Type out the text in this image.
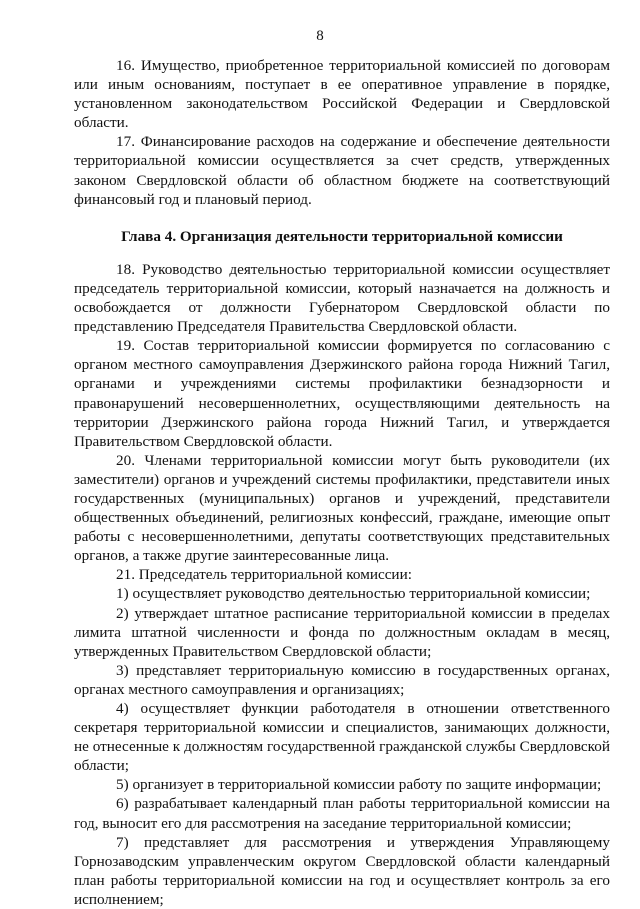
8

16. Имущество, приобретенное территориальной комиссией по договорам или иным основаниям, поступает в ее оперативное управление в порядке, установленном законодательством Российской Федерации и Свердловской области.

17. Финансирование расходов на содержание и обеспечение деятельности территориальной комиссии осуществляется за счет средств, утвержденных законом Свердловской области об областном бюджете на соответствующий финансовый год и плановый период.

Глава 4. Организация деятельности территориальной комиссии

18. Руководство деятельностью территориальной комиссии осуществляет председатель территориальной комиссии, который назначается на должность и освобождается от должности Губернатором Свердловской области по представлению Председателя Правительства Свердловской области.

19. Состав территориальной комиссии формируется по согласованию с органом местного самоуправления Дзержинского района города Нижний Тагил, органами и учреждениями системы профилактики безнадзорности и правонарушений несовершеннолетних, осуществляющими деятельность на территории Дзержинского района города Нижний Тагил, и утверждается Правительством Свердловской области.

20. Членами территориальной комиссии могут быть руководители (их заместители) органов и учреждений системы профилактики, представители иных государственных (муниципальных) органов и учреждений, представители общественных объединений, религиозных конфессий, граждане, имеющие опыт работы с несовершеннолетними, депутаты соответствующих представительных органов, а также другие заинтересованные лица.

21. Председатель территориальной комиссии:

1) осуществляет руководство деятельностью территориальной комиссии;

2) утверждает штатное расписание территориальной комиссии в пределах лимита штатной численности и фонда по должностным окладам в месяц, утвержденных Правительством Свердловской области;

3) представляет территориальную комиссию в государственных органах, органах местного самоуправления и организациях;

4) осуществляет функции работодателя в отношении ответственного секретаря территориальной комиссии и специалистов, занимающих должности, не отнесенные к должностям государственной гражданской службы Свердловской области;

5) организует в территориальной комиссии работу по защите информации;

6) разрабатывает календарный план работы территориальной комиссии на год, выносит его для рассмотрения на заседание территориальной комиссии;

7) представляет для рассмотрения и утверждения Управляющему Горнозаводским управленческим округом Свердловской области календарный план работы территориальной комиссии на год и осуществляет контроль за его исполнением;
